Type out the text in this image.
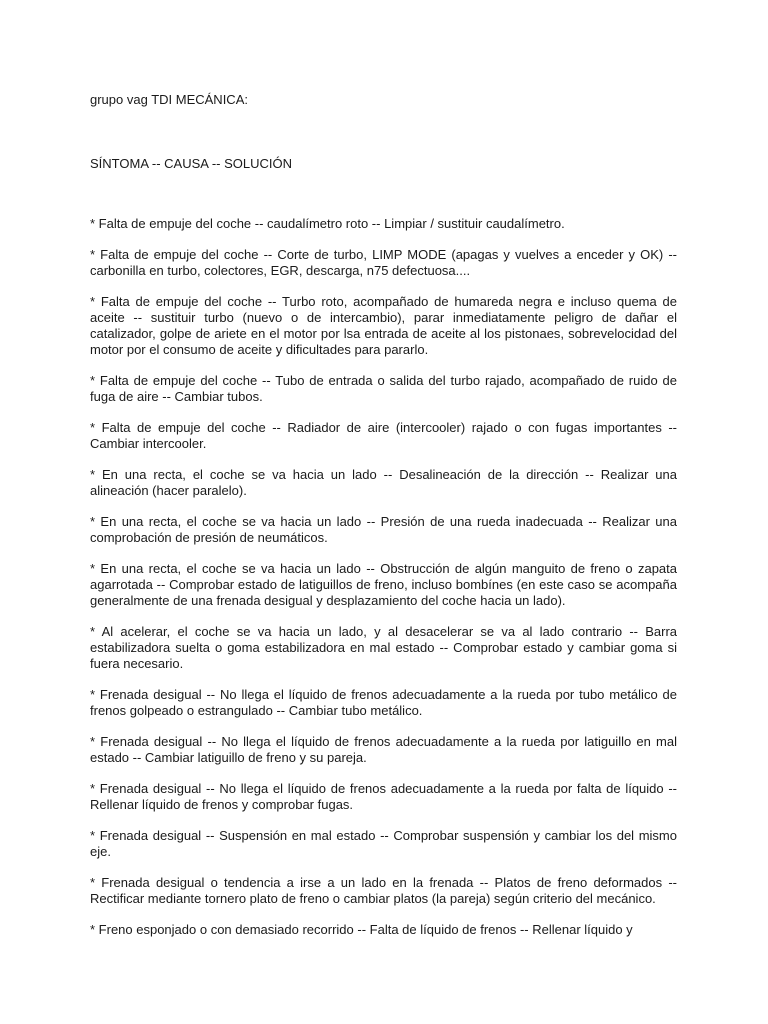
grupo vag TDI MECÁNICA:

SÍNTOMA -- CAUSA -- SOLUCIÓN

* Falta de empuje del coche -- caudalímetro roto -- Limpiar / sustituir caudalímetro.

* Falta de empuje del coche -- Corte de turbo, LIMP MODE (apagas y vuelves a enceder y OK) -- carbonilla en turbo, colectores, EGR, descarga, n75 defectuosa....

* Falta de empuje del coche -- Turbo roto, acompañado de humareda negra e incluso quema de aceite -- sustituir turbo (nuevo o de intercambio), parar inmediatamente peligro de dañar el catalizador, golpe de ariete en el motor por lsa entrada de aceite al los pistonaes, sobrevelocidad del motor por el consumo de aceite y dificultades para pararlo.

* Falta de empuje del coche -- Tubo de entrada o salida del turbo rajado, acompañado de ruido de fuga de aire -- Cambiar tubos.

* Falta de empuje del coche -- Radiador de aire (intercooler) rajado o con fugas importantes -- Cambiar intercooler.

* En una recta, el coche se va hacia un lado -- Desalineación de la dirección -- Realizar una alineación (hacer paralelo).

* En una recta, el coche se va hacia un lado -- Presión de una rueda inadecuada -- Realizar una comprobación de presión de neumáticos.

* En una recta, el coche se va hacia un lado -- Obstrucción de algún manguito de freno o zapata agarrotada -- Comprobar estado de latiguillos de freno, incluso bombínes (en este caso se acompaña generalmente de una frenada desigual y desplazamiento del coche hacia un lado).

* Al acelerar, el coche se va hacia un lado, y al desacelerar se va al lado contrario -- Barra estabilizadora suelta o goma estabilizadora en mal estado -- Comprobar estado y cambiar goma si fuera necesario.

* Frenada desigual -- No llega el líquido de frenos adecuadamente a la rueda por tubo metálico de frenos golpeado o estrangulado -- Cambiar tubo metálico.

* Frenada desigual -- No llega el líquido de frenos adecuadamente a la rueda por latiguillo en mal estado -- Cambiar latiguillo de freno y su pareja.

* Frenada desigual -- No llega el líquido de frenos adecuadamente a la rueda por falta de líquido -- Rellenar líquido de frenos y comprobar fugas.

* Frenada desigual -- Suspensión en mal estado -- Comprobar suspensión y cambiar los del mismo eje.

* Frenada desigual o tendencia a irse a un lado en la frenada -- Platos de freno deformados -- Rectificar mediante tornero plato de freno o cambiar platos (la pareja) según criterio del mecánico.

* Freno esponjado o con demasiado recorrido -- Falta de líquido de frenos -- Rellenar líquido y
